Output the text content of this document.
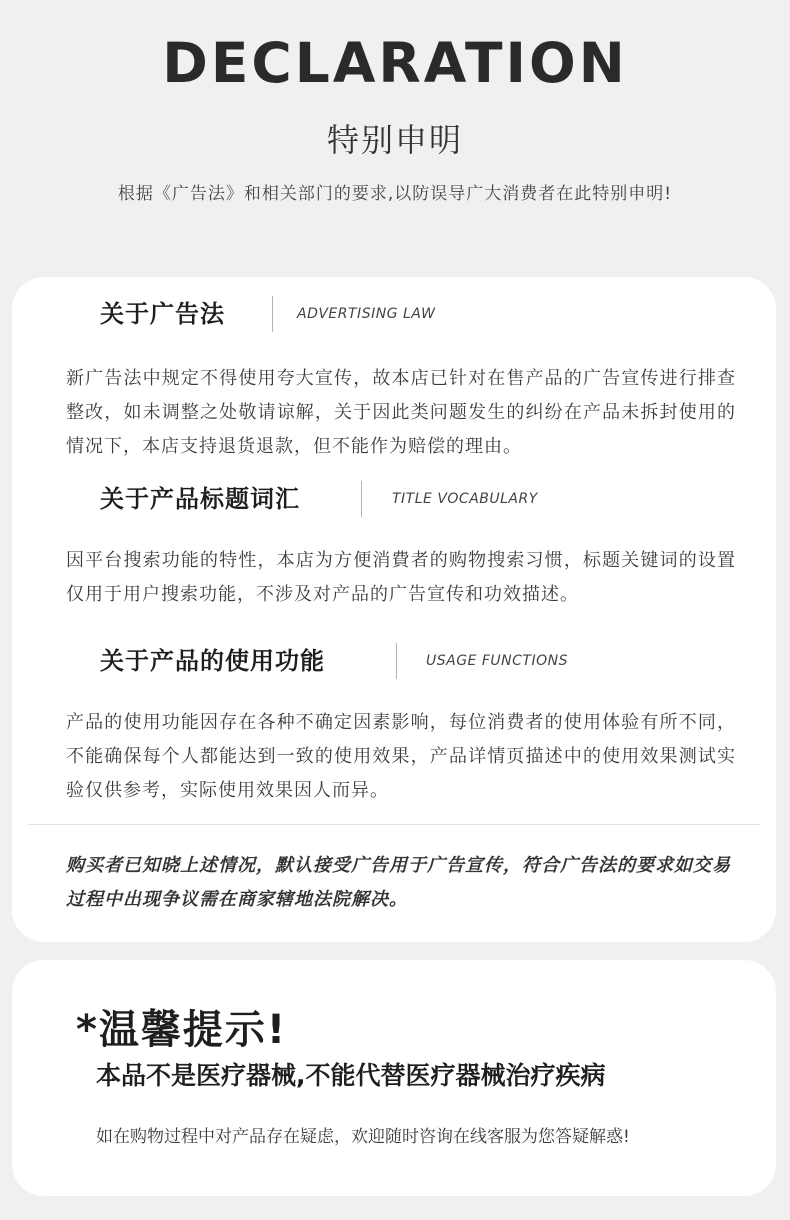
DECLARATION
特别申明
根据《广告法》和相关部门的要求,以防误导广大消费者在此特别申明!
关于广告法	ADVERTISING LAW
新广告法中规定不得使用夸大宣传，故本店已针对在售产品的广告宣传进行排查整改，如未调整之处敬请谅解，关于因此类问题发生的纠纷在产品未拆封使用的情况下，本店支持退货退款，但不能作为赔偿的理由。
关于产品标题词汇	TITLE VOCABULARY
因平台搜索功能的特性，本店为方便消費者的购物搜索习惯，标题关键词的设置仅用于用户搜索功能，不涉及对产品的广告宣传和功效描述。
关于产品的使用功能	USAGE FUNCTIONS
产品的使用功能因存在各种不确定因素影响，每位消费者的使用体验有所不同，不能确保每个人都能达到一致的使用效果，产品详情页描述中的使用效果测试实验仅供参考，实际使用效果因人而异。
购买者已知晓上述情况，默认接受广告用于广告宣传，符合广告法的要求如交易过程中出现争议需在商家辖地法院解决。
*温馨提示!
本品不是医疗器械,不能代替医疗器械治疗疾病
如在购物过程中对产品存在疑虑，欢迎随时咨询在线客服为您答疑解惑!
